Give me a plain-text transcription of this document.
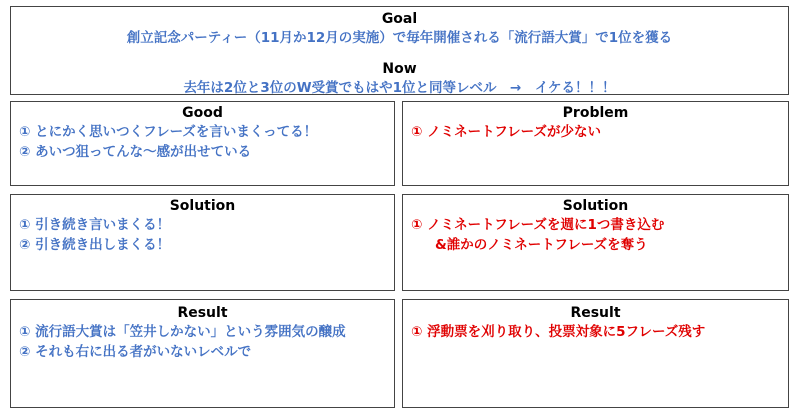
Goal
創立記念パーティー（11月か12月の実施）で毎年開催される「流行語大賞」で1位を獲る
Now
去年は2位と3位のW受賞でもはや1位と同等レベル　→　イケる！！！
Good
① とにかく思いつくフレーズを言いまくってる！
② あいつ狙ってんな〜感が出せている
Problem
① ノミネートフレーズが少ない
Solution
① 引き続き言いまくる！
② 引き続き出しまくる！
Solution
① ノミネートフレーズを週に1つ書き込む
&誰かのノミネートフレーズを奪う
Result
① 流行語大賞は「笠井しかない」という雰囲気の醸成
② それも右に出る者がいないレベルで
Result
① 浮動票を刈り取り、投票対象に5フレーズ残す
